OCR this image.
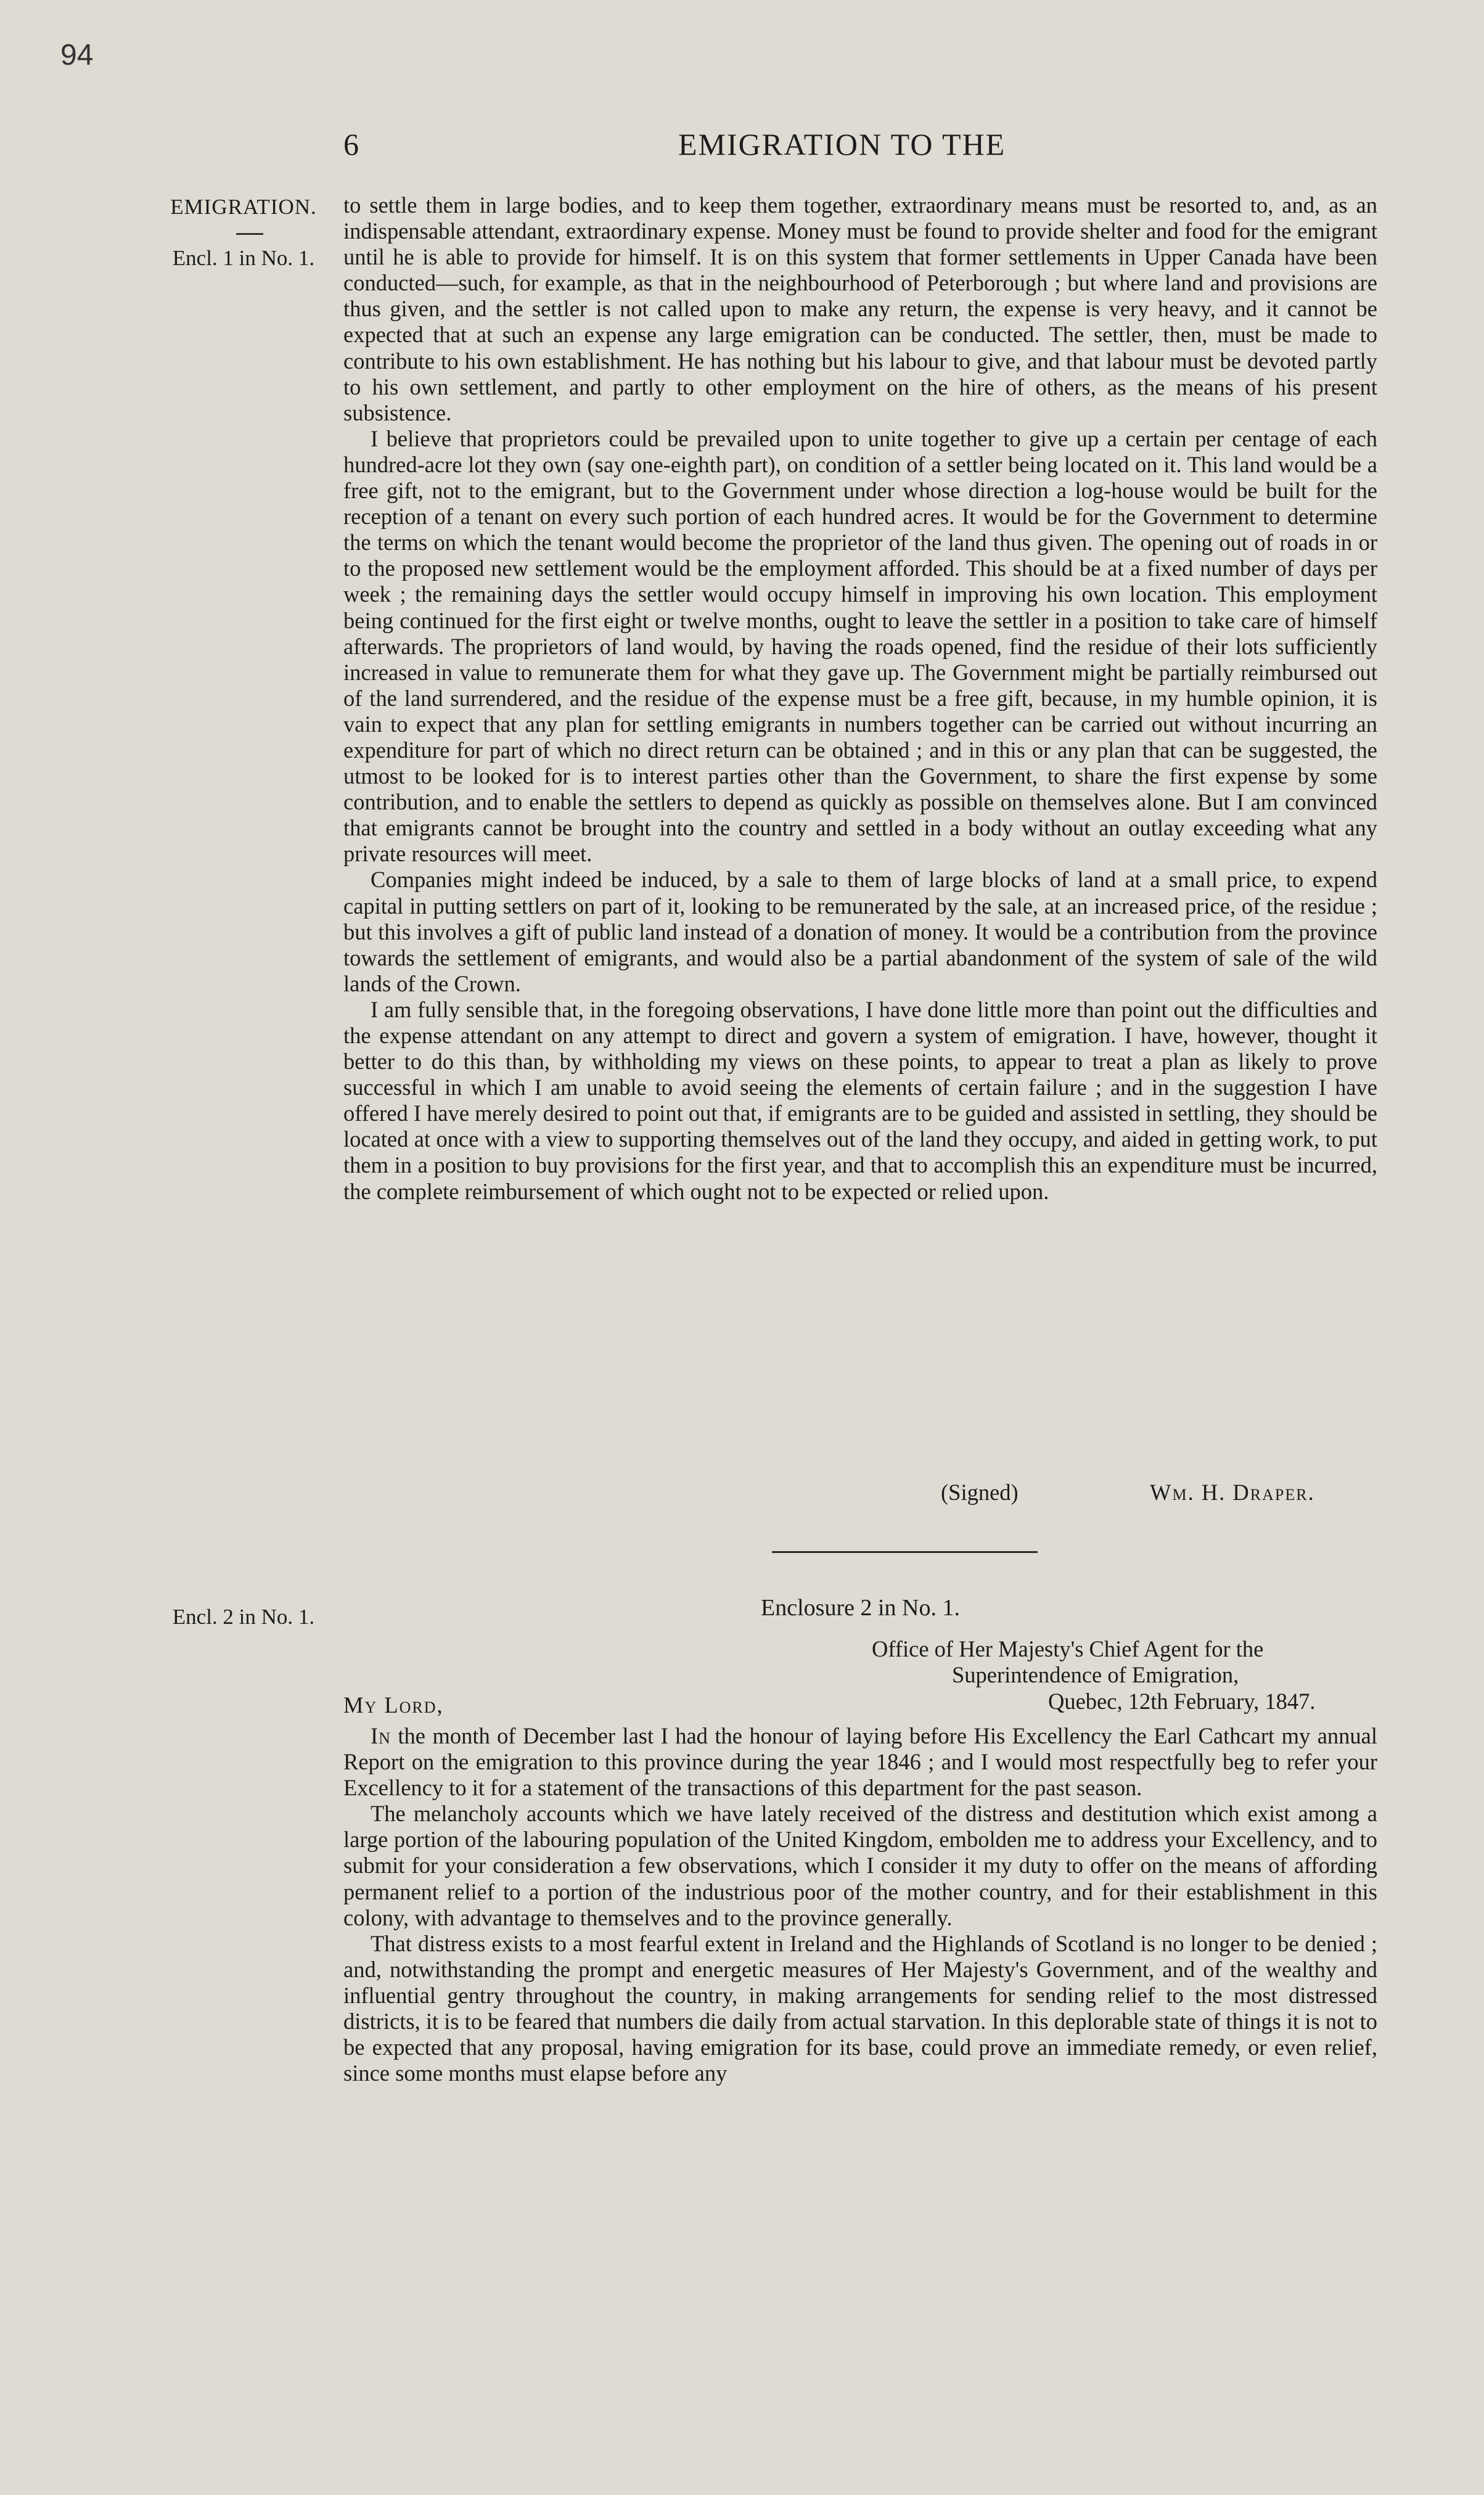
94
6	EMIGRATION TO THE
EMIGRATION.
Encl. 1 in No. 1.

to settle them in large bodies, and to keep them together, extraordinary means must be resorted to, and, as an indispensable attendant, extraordinary expense. Money must be found to provide shelter and food for the emigrant until he is able to provide for himself. It is on this system that former settlements in Upper Canada have been conducted—such, for example, as that in the neighbourhood of Peterborough ; but where land and provisions are thus given, and the settler is not called upon to make any return, the expense is very heavy, and it cannot be expected that at such an expense any large emigration can be conducted. The settler, then, must be made to contribute to his own establishment. He has nothing but his labour to give, and that labour must be devoted partly to his own settlement, and partly to other employment on the hire of others, as the means of his present subsistence.

I believe that proprietors could be prevailed upon to unite together to give up a certain per centage of each hundred-acre lot they own (say one-eighth part), on condition of a settler being located on it. This land would be a free gift, not to the emigrant, but to the Government under whose direction a log-house would be built for the reception of a tenant on every such portion of each hundred acres. It would be for the Government to determine the terms on which the tenant would become the proprietor of the land thus given. The opening out of roads in or to the proposed new settlement would be the employment afforded. This should be at a fixed number of days per week ; the remaining days the settler would occupy himself in improving his own location. This employment being continued for the first eight or twelve months, ought to leave the settler in a position to take care of himself afterwards. The proprietors of land would, by having the roads opened, find the residue of their lots sufficiently increased in value to remunerate them for what they gave up. The Government might be partially reimbursed out of the land surrendered, and the residue of the expense must be a free gift, because, in my humble opinion, it is vain to expect that any plan for settling emigrants in numbers together can be carried out without incurring an expenditure for part of which no direct return can be obtained ; and in this or any plan that can be suggested, the utmost to be looked for is to interest parties other than the Government, to share the first expense by some contribution, and to enable the settlers to depend as quickly as possible on themselves alone. But I am convinced that emigrants cannot be brought into the country and settled in a body without an outlay exceeding what any private resources will meet.

Companies might indeed be induced, by a sale to them of large blocks of land at a small price, to expend capital in putting settlers on part of it, looking to be remunerated by the sale, at an increased price, of the residue ; but this involves a gift of public land instead of a donation of money. It would be a contribution from the province towards the settlement of emigrants, and would also be a partial abandonment of the system of sale of the wild lands of the Crown.

I am fully sensible that, in the foregoing observations, I have done little more than point out the difficulties and the expense attendant on any attempt to direct and govern a system of emigration. I have, however, thought it better to do this than, by withholding my views on these points, to appear to treat a plan as likely to prove successful in which I am unable to avoid seeing the elements of certain failure ; and in the suggestion I have offered I have merely desired to point out that, if emigrants are to be guided and assisted in settling, they should be located at once with a view to supporting themselves out of the land they occupy, and aided in getting work, to put them in a position to buy provisions for the first year, and that to accomplish this an expenditure must be incurred, the complete reimbursement of which ought not to be expected or relied upon.

(Signed)	Wm. H. Draper.
Encl. 2 in No. 1.	Enclosure 2 in No. 1.
Office of Her Majesty's Chief Agent for the
Superintendence of Emigration,
Quebec, 12th February, 1847.
My Lord,

In the month of December last I had the honour of laying before His Excellency the Earl Cathcart my annual Report on the emigration to this province during the year 1846 ; and I would most respectfully beg to refer your Excellency to it for a statement of the transactions of this department for the past season.

The melancholy accounts which we have lately received of the distress and destitution which exist among a large portion of the labouring population of the United Kingdom, embolden me to address your Excellency, and to submit for your consideration a few observations, which I consider it my duty to offer on the means of affording permanent relief to a portion of the industrious poor of the mother country, and for their establishment in this colony, with advantage to themselves and to the province generally.

That distress exists to a most fearful extent in Ireland and the Highlands of Scotland is no longer to be denied ; and, notwithstanding the prompt and energetic measures of Her Majesty's Government, and of the wealthy and influential gentry throughout the country, in making arrangements for sending relief to the most distressed districts, it is to be feared that numbers die daily from actual starvation. In this deplorable state of things it is not to be expected that any proposal, having emigration for its base, could prove an immediate remedy, or even relief, since some months must elapse before any
